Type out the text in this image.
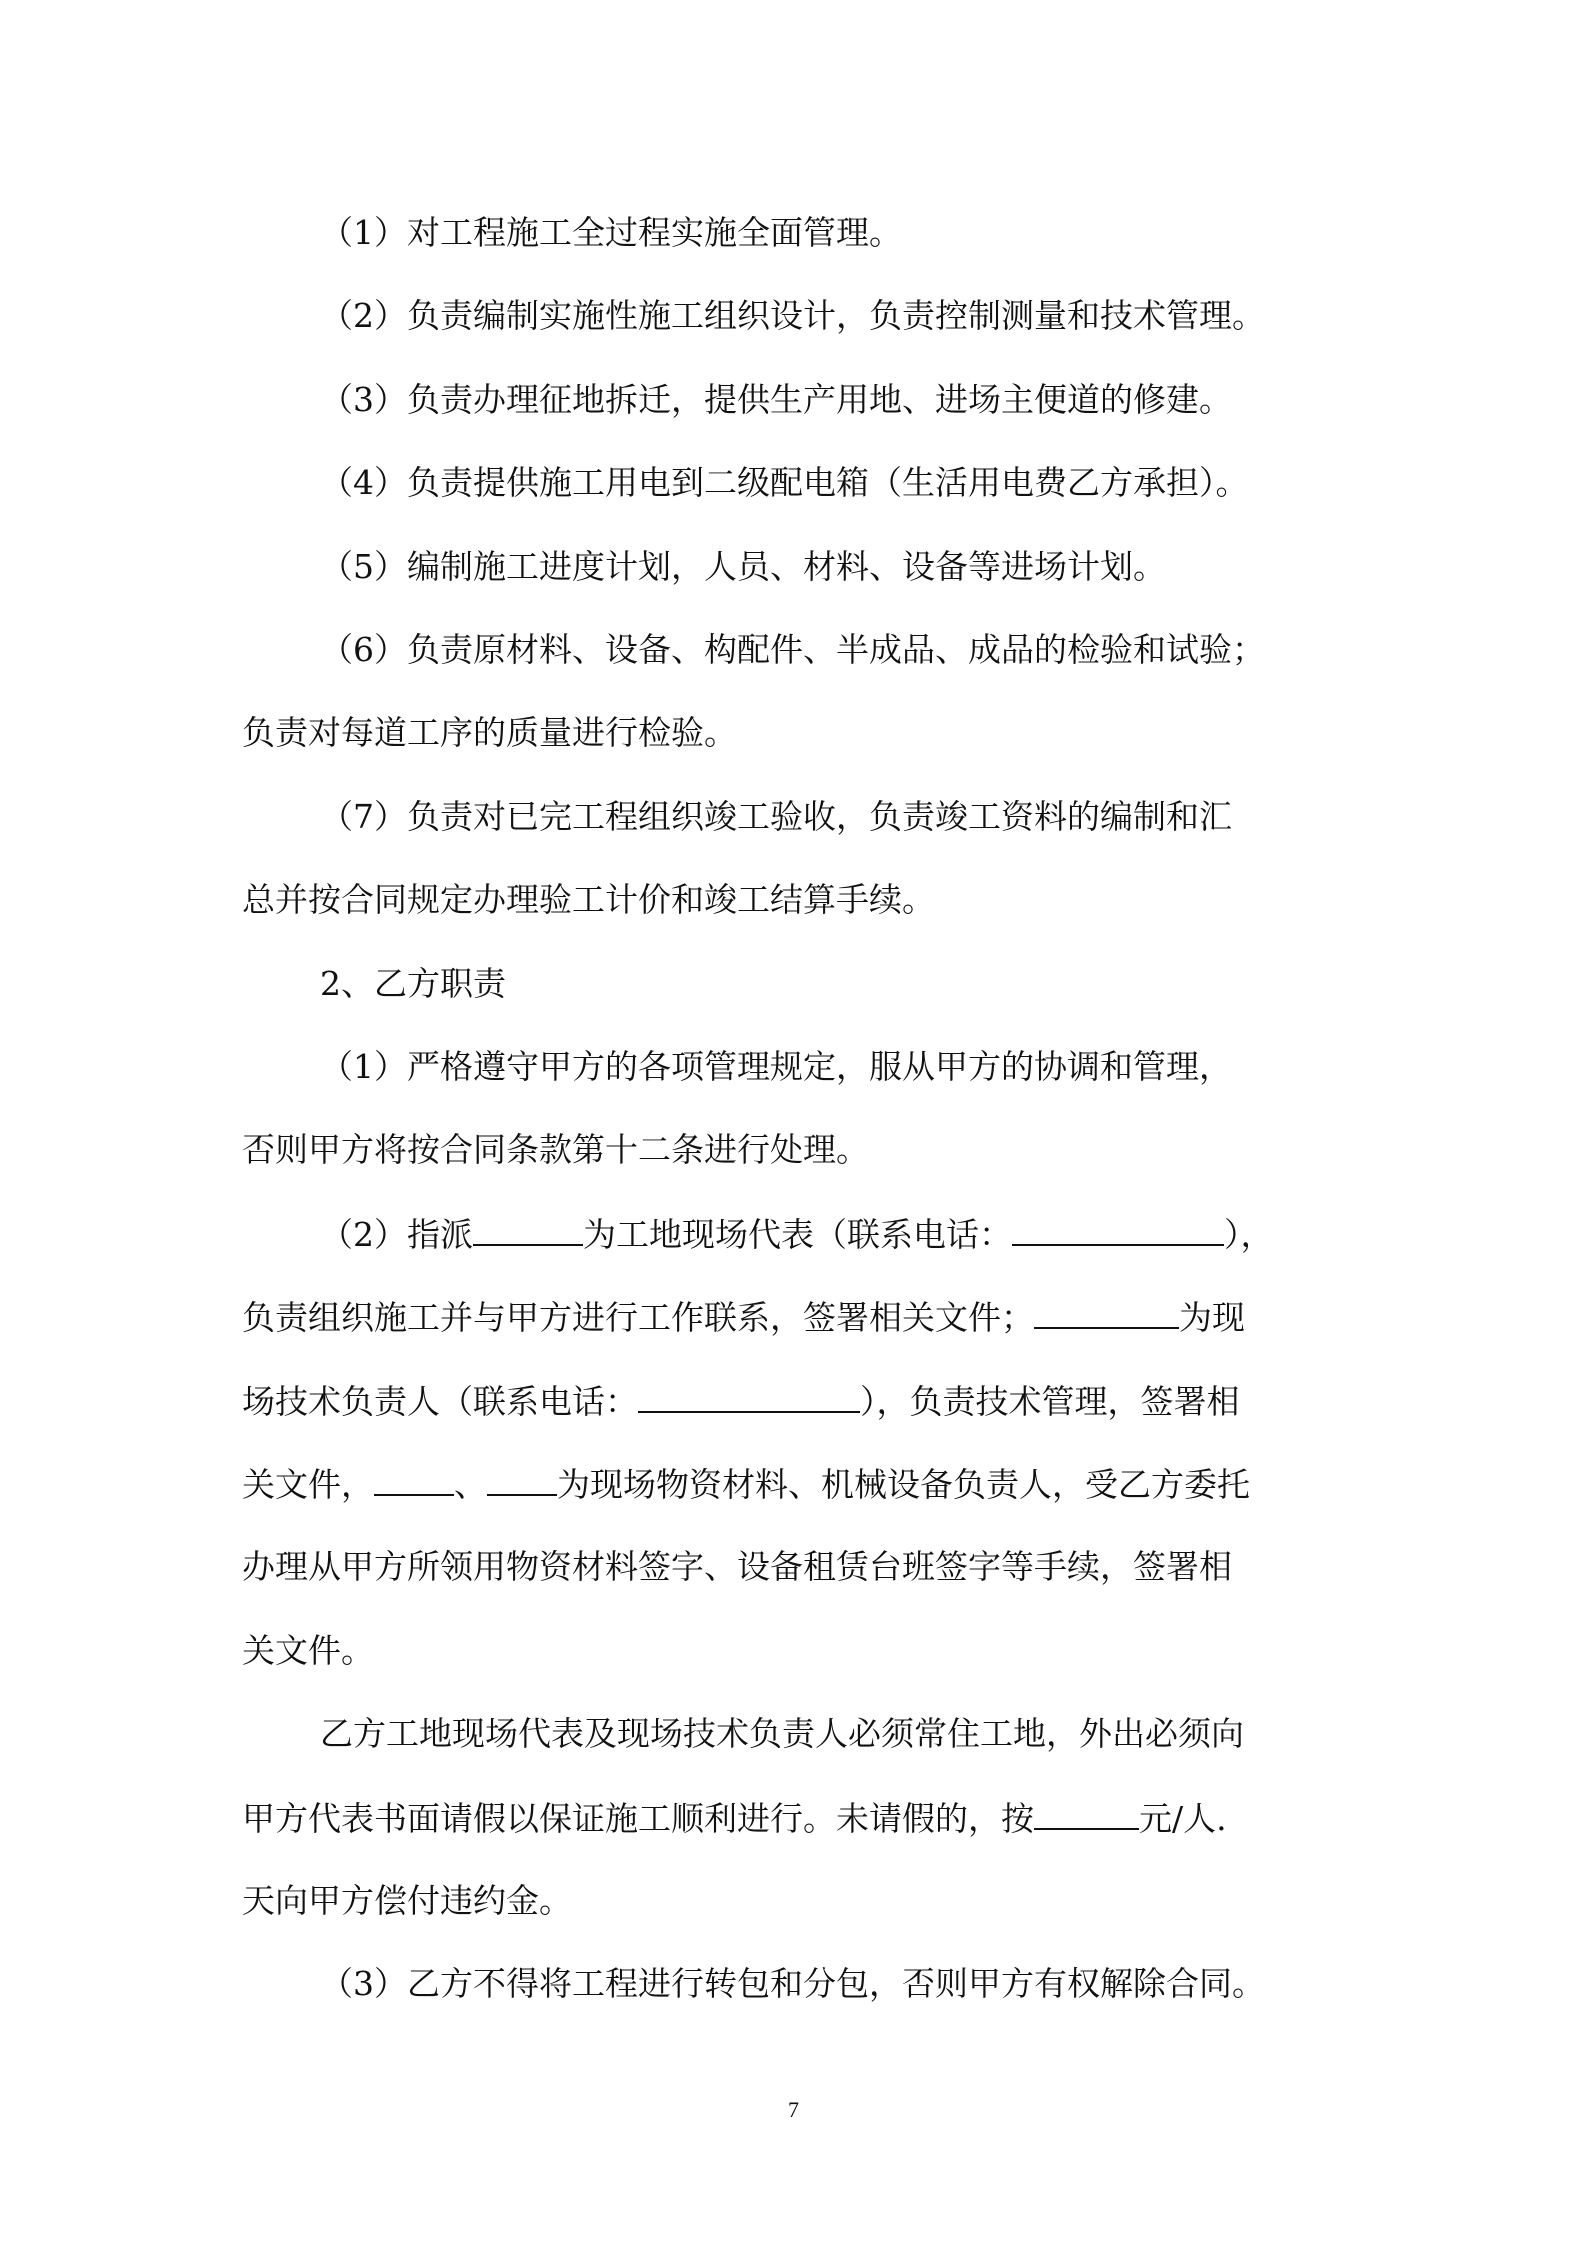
（1）对工程施工全过程实施全面管理。
（2）负责编制实施性施工组织设计，负责控制测量和技术管理。
（3）负责办理征地拆迁，提供生产用地、进场主便道的修建。
（4）负责提供施工用电到二级配电箱（生活用电费乙方承担）。
（5）编制施工进度计划，人员、材料、设备等进场计划。
（6）负责原材料、设备、构配件、半成品、成品的检验和试验；
负责对每道工序的质量进行检验。
（7）负责对已完工程组织竣工验收，负责竣工资料的编制和汇
总并按合同规定办理验工计价和竣工结算手续。
2、乙方职责
（1）严格遵守甲方的各项管理规定，服从甲方的协调和管理，
否则甲方将按合同条款第十二条进行处理。
（2）指派	为工地现场代表（联系电话：	），
负责组织施工并与甲方进行工作联系，签署相关文件；	为现
场技术负责人（联系电话：	），负责技术管理，签署相
关文件， 、 为现场物资材料、机械设备负责人，受乙方委托
办理从甲方所领用物资材料签字、设备租赁台班签字等手续，签署相
关文件。
乙方工地现场代表及现场技术负责人必须常住工地，外出必须向
甲方代表书面请假以保证施工顺利进行。未请假的，按	元/人.
天向甲方偿付违约金。
（3）乙方不得将工程进行转包和分包，否则甲方有权解除合同。
7
